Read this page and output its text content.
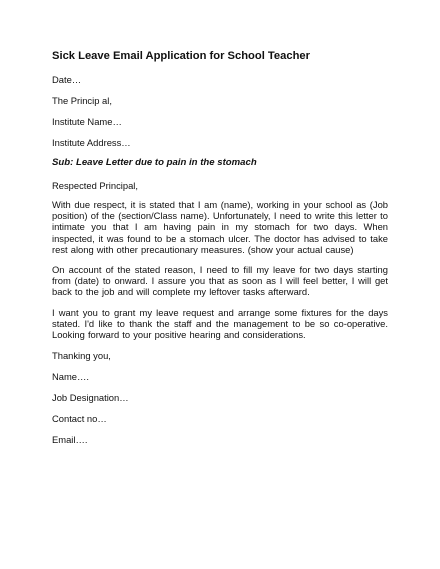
Sick Leave Email Application for School Teacher
Date…
The Princip al,
Institute Name…
Institute Address…
Sub: Leave Letter due to pain in the stomach
Respected Principal,
With due respect, it is stated that I am (name), working in your school as (Job position) of the (section/Class name). Unfortunately, I need to write this letter to intimate you that I am having pain in my stomach for two days. When inspected, it was found to be a stomach ulcer. The doctor has advised to take rest along with other precautionary measures. (show your actual cause)
On account of the stated reason, I need to fill my leave for two days starting from (date) to onward. I assure you that as soon as I will feel better, I will get back to the job and will complete my leftover tasks afterward.
I want you to grant my leave request and arrange some fixtures for the days stated. I'd like to thank the staff and the management to be so co-operative. Looking forward to your positive hearing and considerations.
Thanking you,
Name….
Job Designation…
Contact no…
Email….
